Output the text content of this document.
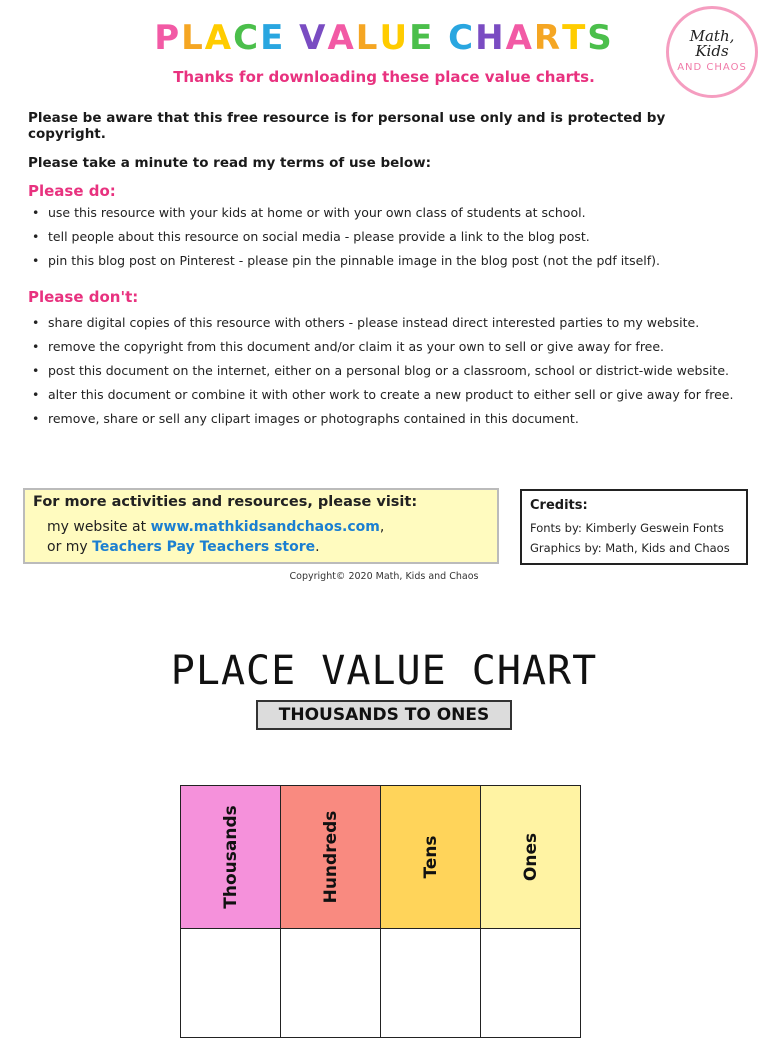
PLACE VALUE CHARTS
Thanks for downloading these place value charts.
Math,
Kids
AND CHAOS
Please be aware that this free resource is for personal use only and is protected by copyright.
Please take a minute to read my terms of use below:
Please do:
• use this resource with your kids at home or with your own class of students at school.
• tell people about this resource on social media - please provide a link to the blog post.
• pin this blog post on Pinterest - please pin the pinnable image in the blog post (not the pdf itself).
Please don't:
• share digital copies of this resource with others - please instead direct interested parties to my website.
• remove the copyright from this document and/or claim it as your own to sell or give away for free.
• post this document on the internet, either on a personal blog or a classroom, school or district-wide website.
• alter this document or combine it with other work to create a new product to either sell or give away for free.
• remove, share or sell any clipart images or photographs contained in this document.
For more activities and resources, please visit:
my website at www.mathkidsandchaos.com,
or my Teachers Pay Teachers store.
Credits:
Fonts by: Kimberly Geswein Fonts
Graphics by: Math, Kids and Chaos
Copyright© 2020 Math, Kids and Chaos
PLACE VALUE CHART
THOUSANDS TO ONES
Thousands	Hundreds	Tens	Ones
